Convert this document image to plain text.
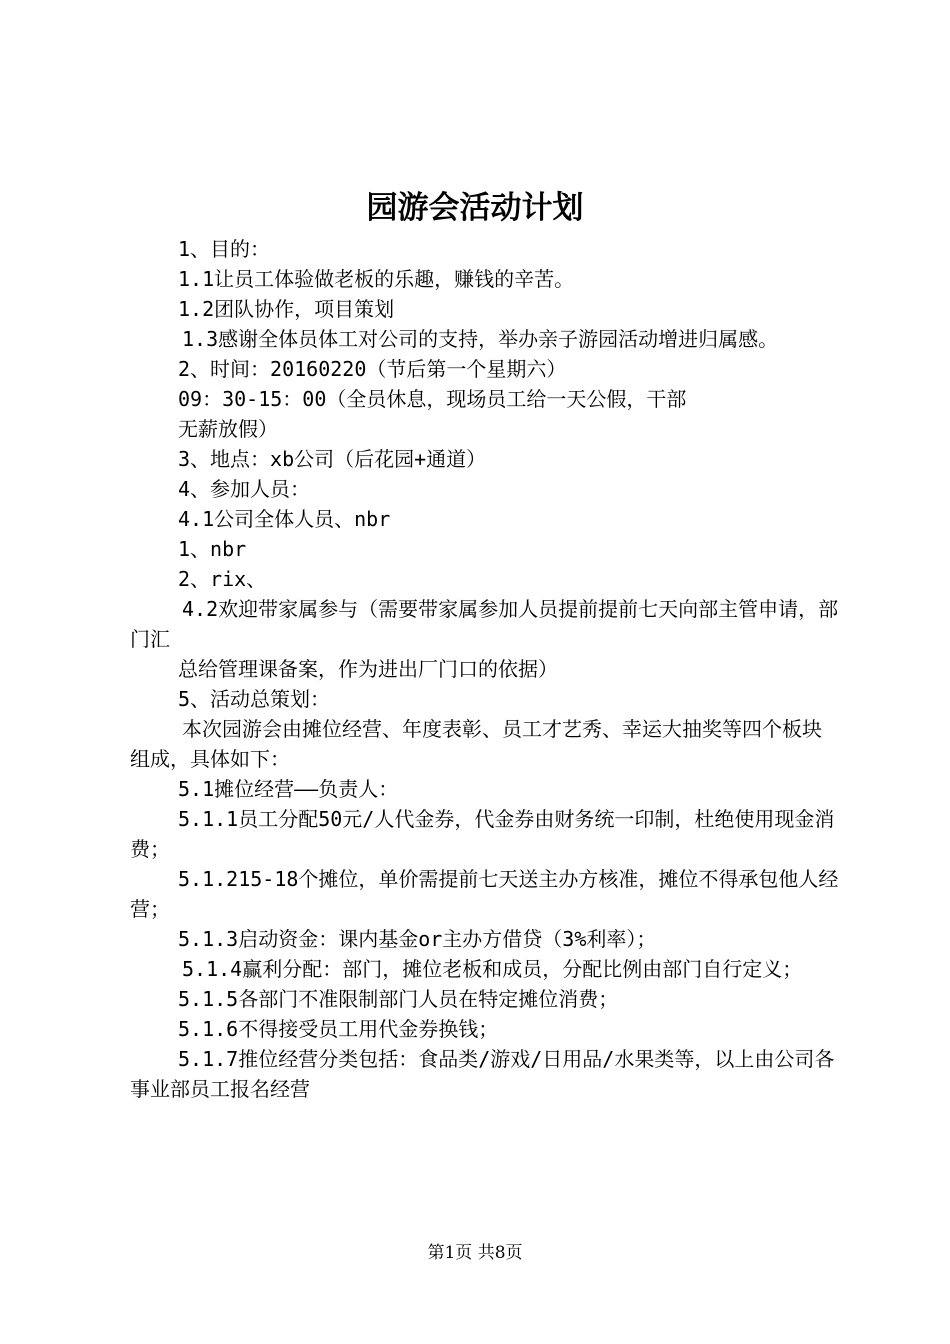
园游会活动计划

1、目的：

1.1让员工体验做老板的乐趣，赚钱的辛苦。

1.2团队协作，项目策划

1.3感谢全体员体工对公司的支持，举办亲子游园活动增进归属感。

2、时间：20160220（节后第一个星期六）

09：30-15：00（全员休息，现场员工给一天公假，干部

无薪放假）

3、地点：xb公司（后花园+通道）

4、参加人员：

4.1公司全体人员、nbr

1、nbr

2、rix、

4.2欢迎带家属参与（需要带家属参加人员提前提前七天向部主管申请，部门汇

总给管理课备案，作为进出厂门口的依据）

5、活动总策划：

本次园游会由摊位经营、年度表彰、员工才艺秀、幸运大抽奖等四个板块组成，具体如下：

5.1摊位经营——负责人：

5.1.1员工分配50元/人代金券，代金券由财务统一印制，杜绝使用现金消费；

5.1.215-18个摊位，单价需提前七天送主办方核准，摊位不得承包他人经营；

5.1.3启动资金：课内基金or主办方借贷（3%利率）；

5.1.4赢利分配：部门，摊位老板和成员，分配比例由部门自行定义；

5.1.5各部门不准限制部门人员在特定摊位消费；

5.1.6不得接受员工用代金券换钱；

5.1.7推位经营分类包括：食品类/游戏/日用品/水果类等，以上由公司各事业部员工报名经营

第1页 共8页
